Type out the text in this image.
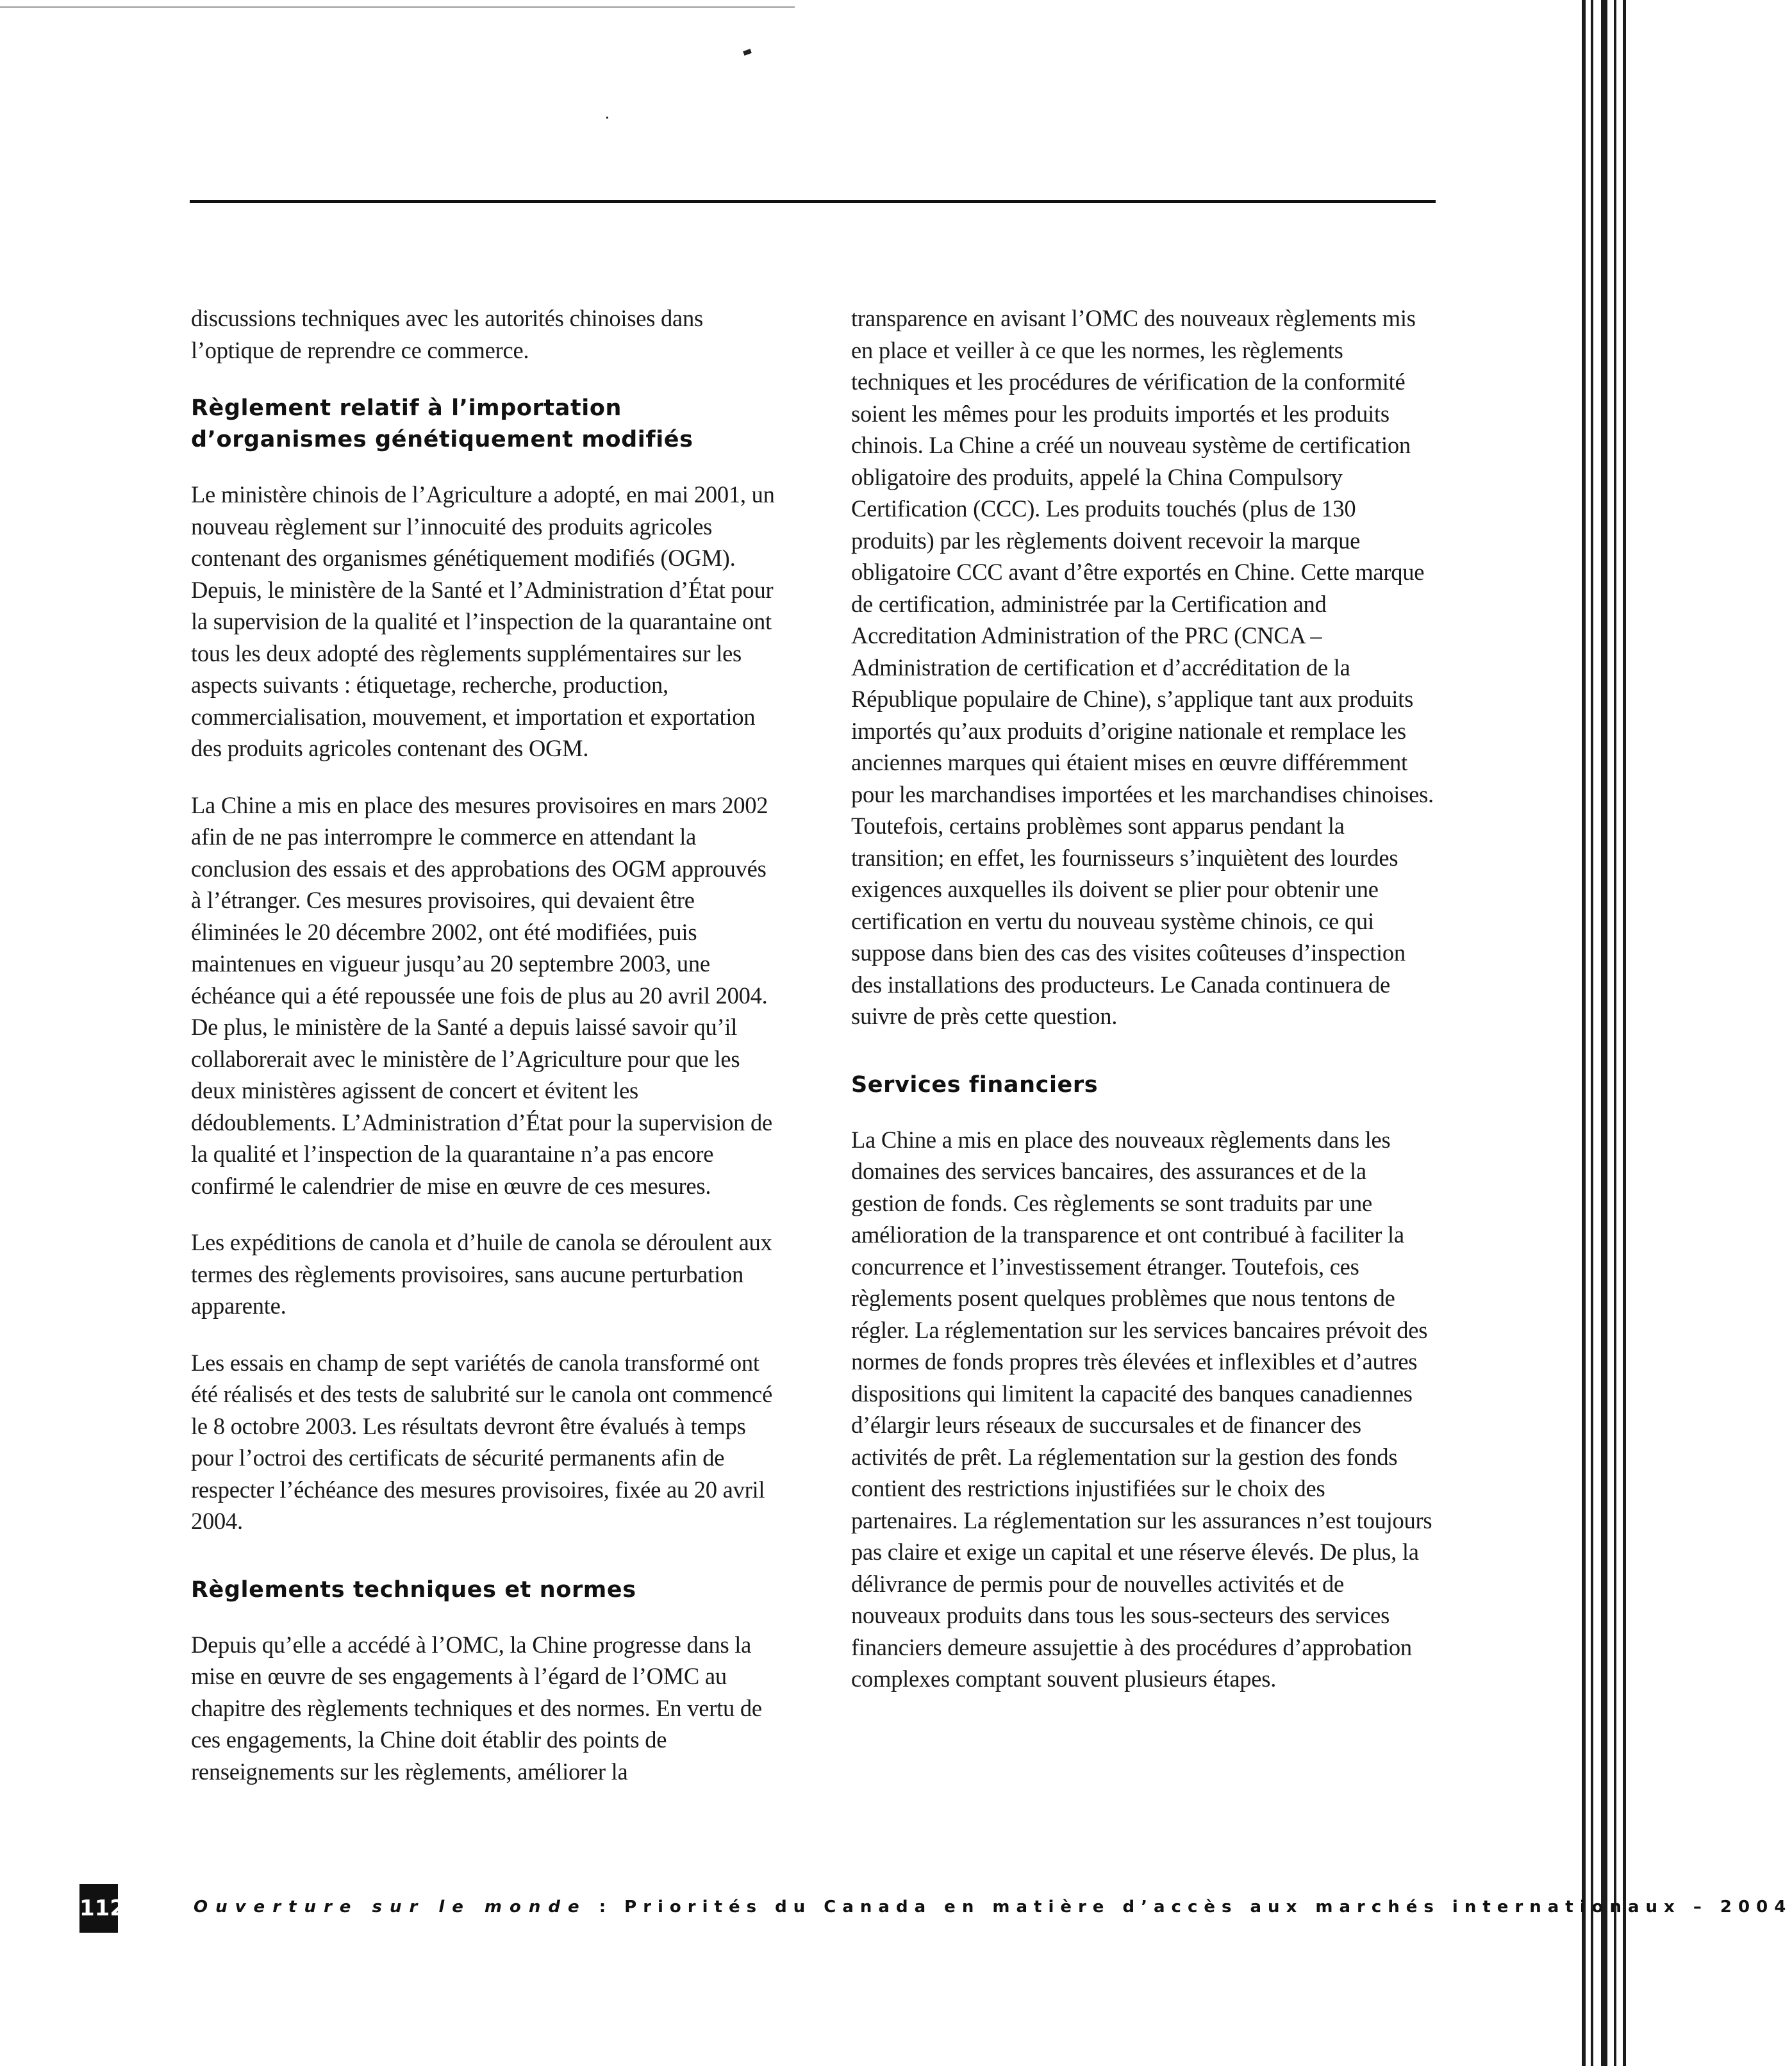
discussions techniques avec les autorités chinoises dans l’optique de reprendre ce commerce.

Règlement relatif à l’importation d’organismes génétiquement modifiés

Le ministère chinois de l’Agriculture a adopté, en mai 2001, un nouveau règlement sur l’innocuité des produits agricoles contenant des organismes génétiquement modifiés (OGM). Depuis, le ministère de la Santé et l’Administration d’État pour la supervision de la qualité et l’inspection de la quarantaine ont tous les deux adopté des règlements supplémentaires sur les aspects suivants : étiquetage, recherche, production, commercialisation, mouvement, et importation et exportation des produits agricoles contenant des OGM.

La Chine a mis en place des mesures provisoires en mars 2002 afin de ne pas interrompre le commerce en attendant la conclusion des essais et des approbations des OGM approuvés à l’étranger. Ces mesures provisoires, qui devaient être éliminées le 20 décembre 2002, ont été modifiées, puis maintenues en vigueur jusqu’au 20 septembre 2003, une échéance qui a été repoussée une fois de plus au 20 avril 2004. De plus, le ministère de la Santé a depuis laissé savoir qu’il collaborerait avec le ministère de l’Agriculture pour que les deux ministères agissent de concert et évitent les dédoublements. L’Administration d’État pour la supervision de la qualité et l’inspection de la quarantaine n’a pas encore confirmé le calendrier de mise en œuvre de ces mesures.

Les expéditions de canola et d’huile de canola se déroulent aux termes des règlements provisoires, sans aucune perturbation apparente.

Les essais en champ de sept variétés de canola transformé ont été réalisés et des tests de salubrité sur le canola ont commencé le 8 octobre 2003. Les résultats devront être évalués à temps pour l’octroi des certificats de sécurité permanents afin de respecter l’échéance des mesures provisoires, fixée au 20 avril 2004.

Règlements techniques et normes

Depuis qu’elle a accédé à l’OMC, la Chine progresse dans la mise en œuvre de ses engagements à l’égard de l’OMC au chapitre des règlements techniques et des normes. En vertu de ces engagements, la Chine doit établir des points de renseignements sur les règlements, améliorer la

transparence en avisant l’OMC des nouveaux règlements mis en place et veiller à ce que les normes, les règlements techniques et les procédures de vérification de la conformité soient les mêmes pour les produits importés et les produits chinois. La Chine a créé un nouveau système de certification obligatoire des produits, appelé la China Compulsory Certification (CCC). Les produits touchés (plus de 130 produits) par les règlements doivent recevoir la marque obligatoire CCC avant d’être exportés en Chine. Cette marque de certification, administrée par la Certification and Accreditation Administration of the PRC (CNCA – Administration de certification et d’accréditation de la République populaire de Chine), s’applique tant aux produits importés qu’aux produits d’origine nationale et remplace les anciennes marques qui étaient mises en œuvre différemment pour les marchandises importées et les marchandises chinoises. Toutefois, certains problèmes sont apparus pendant la transition; en effet, les fournisseurs s’inquiètent des lourdes exigences auxquelles ils doivent se plier pour obtenir une certification en vertu du nouveau système chinois, ce qui suppose dans bien des cas des visites coûteuses d’inspection des installations des producteurs. Le Canada continuera de suivre de près cette question.

Services financiers

La Chine a mis en place des nouveaux règlements dans les domaines des services bancaires, des assurances et de la gestion de fonds. Ces règlements se sont traduits par une amélioration de la transparence et ont contribué à faciliter la concurrence et l’investissement étranger. Toutefois, ces règlements posent quelques problèmes que nous tentons de régler. La réglementation sur les services bancaires prévoit des normes de fonds propres très élevées et inflexibles et d’autres dispositions qui limitent la capacité des banques canadiennes d’élargir leurs réseaux de succursales et de financer des activités de prêt. La réglementation sur la gestion des fonds contient des restrictions injustifiées sur le choix des partenaires. La réglementation sur les assurances n’est toujours pas claire et exige un capital et une réserve élevés. De plus, la délivrance de permis pour de nouvelles activités et de nouveaux produits dans tous les sous-secteurs des services financiers demeure assujettie à des procédures d’approbation complexes comptant souvent plusieurs étapes.

112	Ouverture sur le monde : Priorités du Canada en matière d’accès aux marchés internationaux – 2004
